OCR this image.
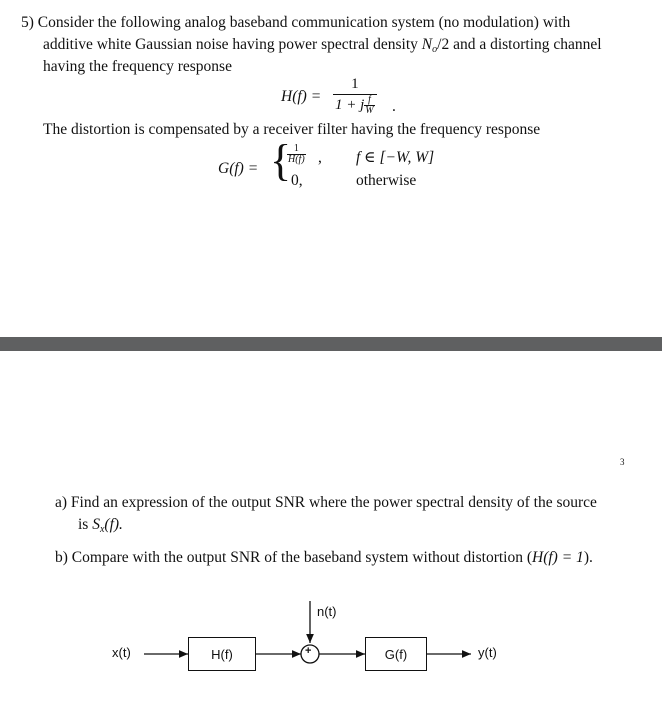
5) Consider the following analog baseband communication system (no modulation) with
additive white Gaussian noise having power spectral density $N_o/2$ and a distorting channel
having the frequency response
H(f) =
1
1 + j $\frac{f}{W}$ .
The distortion is compensated by a receiver filter having the frequency response
G(f) = {
$\frac{1}{H(f)}$ , f ∈ [−W, W]
0,	otherwise
3
a) Find an expression of the output SNR where the power spectral density of the source
is $S_x(f)$.
b) Compare with the output SNR of the baseband system without distortion (H(f) = 1).
x(t)	H(f)
n(t)
+	G(f)	y(t)
